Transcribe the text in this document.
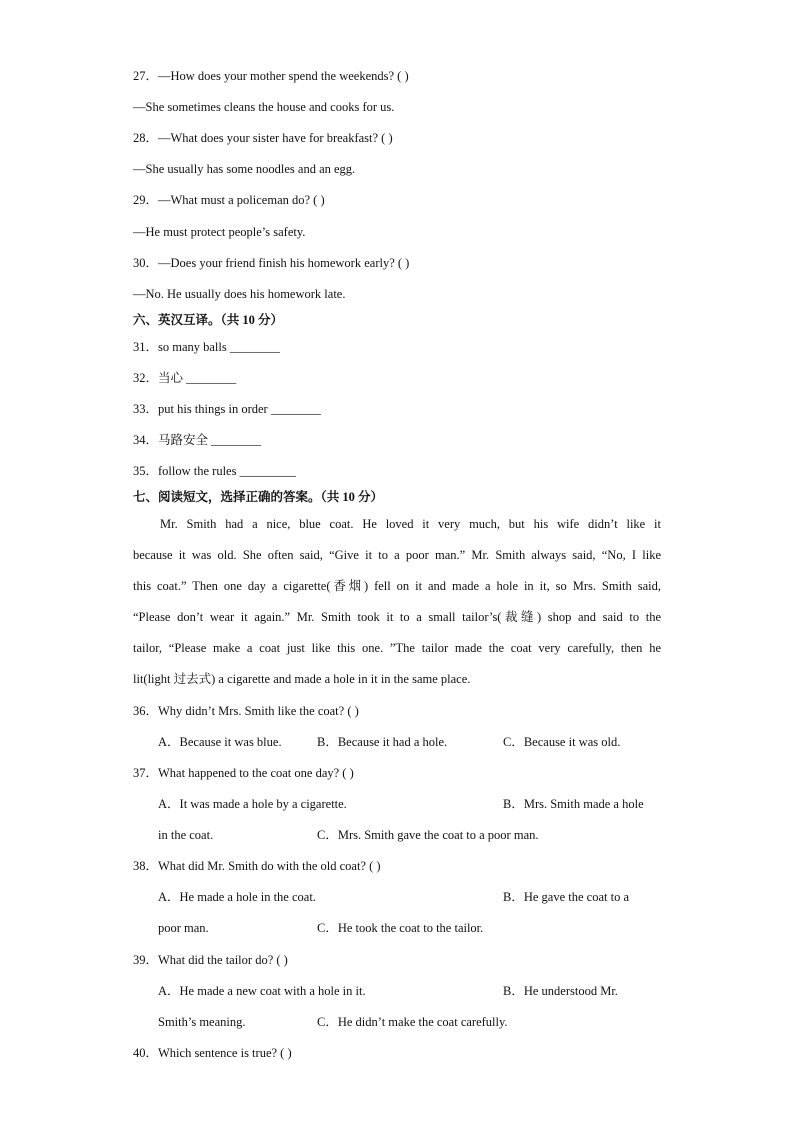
27．—How does your mother spend the weekends? ( )
—She sometimes cleans the house and cooks for us.
28．—What does your sister have for breakfast? ( )
—She usually has some noodles and an egg.
29．—What must a policeman do? ( )
—He must protect people’s safety.
30．—Does your friend finish his homework early? ( )
—No. He usually does his homework late.
六、英汉互译。（共 10 分）
31．so many balls ________
32．当心 ________
33．put his things in order ________
34．马路安全 ________
35．follow the rules _________
七、阅读短文，选择正确的答案。（共 10 分）
Mr. Smith had a nice, blue coat. He loved it very much, but his wife didn’t like it
because it was old. She often said, “Give it to a poor man.” Mr. Smith always said, “No, I like
this coat.” Then one day a cigarette(香烟) fell on it and made a hole in it, so Mrs. Smith said,
“Please don’t wear it again.” Mr. Smith took it to a small tailor’s(裁缝) shop and said to the
tailor, “Please make a coat just like this one. ”The tailor made the coat very carefully, then he
lit(light 过去式) a cigarette and made a hole in it in the same place.
36．Why didn’t Mrs. Smith like the coat? ( )
A．Because it was blue.	B．Because it had a hole.	C．Because it was old.
37．What happened to the coat one day? ( )
A．It was made a hole by a cigarette.	B．Mrs. Smith made a hole
in the coat.	C．Mrs. Smith gave the coat to a poor man.
38．What did Mr. Smith do with the old coat? ( )
A．He made a hole in the coat.	B．He gave the coat to a
poor man.	C．He took the coat to the tailor.
39．What did the tailor do? ( )
A．He made a new coat with a hole in it.	B．He understood Mr.
Smith’s meaning.	C．He didn’t make the coat carefully.
40．Which sentence is true? ( )
